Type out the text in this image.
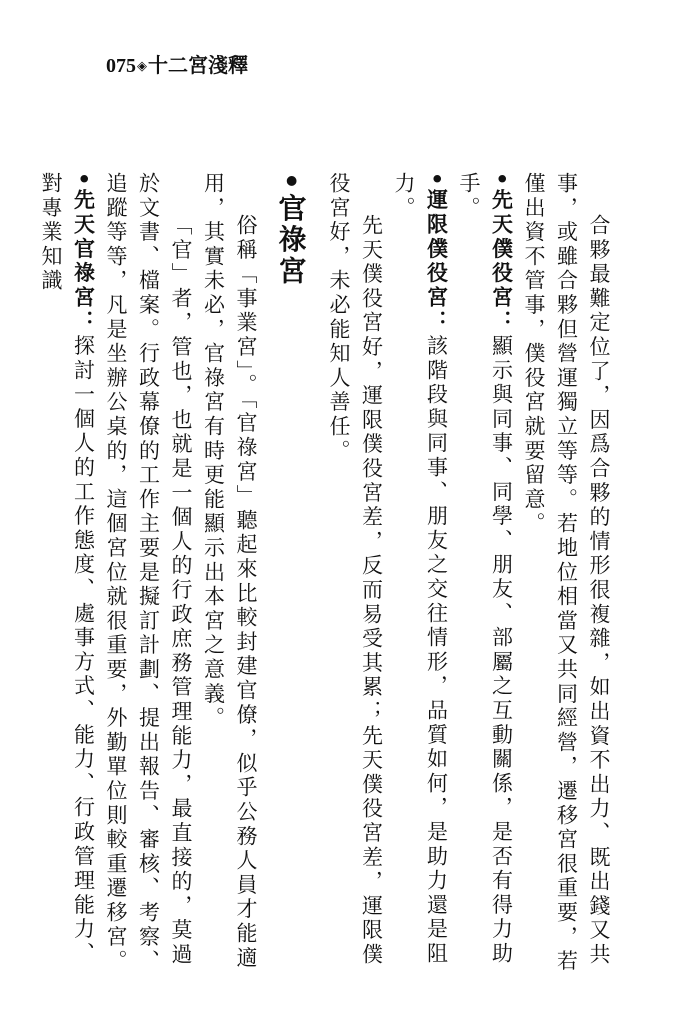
075◈十二宮淺釋

合夥最難定位了，因爲合夥的情形很複雜，如出資不出力、既出錢又共事，或雖合夥但營運獨立等等。若地位相當又共同經營，遷移宮很重要，若僅出資不管事，僕役宮就要留意。

•先天僕役宮：顯示與同事、同學、朋友、部屬之互動關係，是否有得力助手。

•運限僕役宮：該階段與同事、朋友之交往情形，品質如何，是助力還是阻力。

先天僕役宮好，運限僕役宮差，反而易受其累；先天僕役宮差，運限僕役宮好，未必能知人善任。

•官祿宮

俗稱「事業宮」。「官祿宮」聽起來比較封建官僚，似乎公務人員才能適用，其實未必，官祿宮有時更能顯示出本宮之意義。

「官」者，管也，也就是一個人的行政庶務管理能力，最直接的，莫過於文書、檔案。行政幕僚的工作主要是擬訂計劃、提出報告、審核、考察、追蹤等等，凡是坐辦公桌的，這個宮位就很重要，外勤單位則較重遷移宮。

•先天官祿宮：探討一個人的工作態度、處事方式、能力、行政管理能力、對專業知識
